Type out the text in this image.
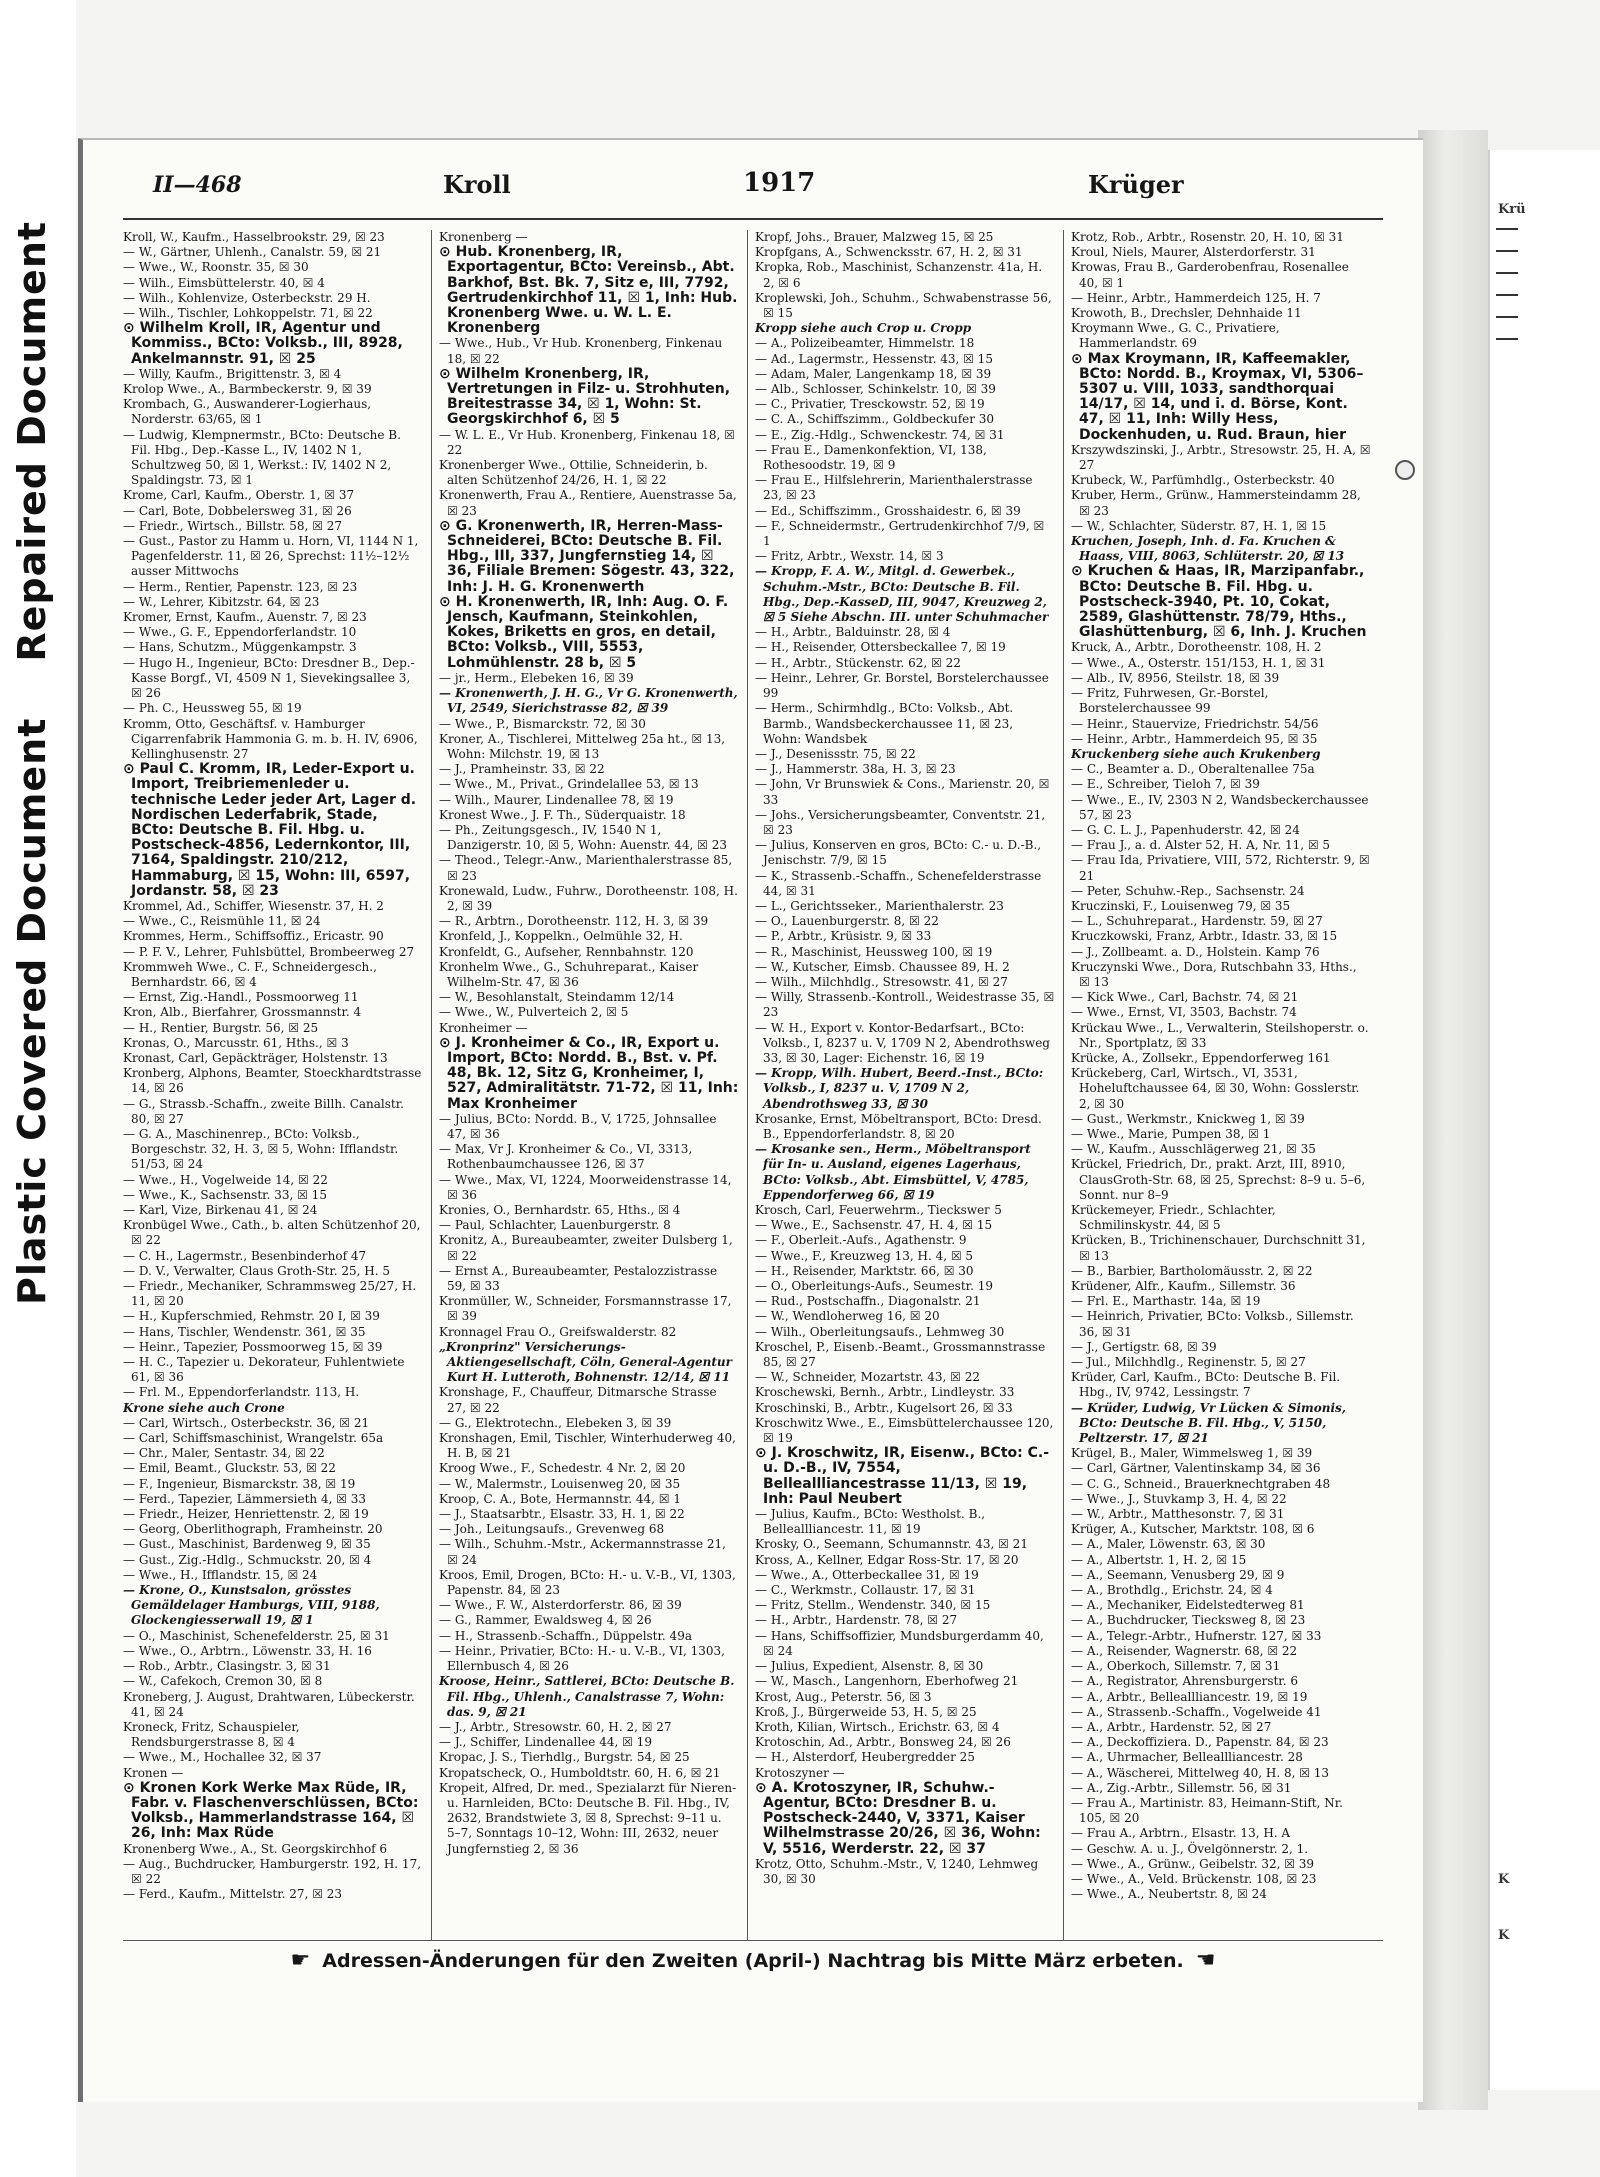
Plastic Covered DocumentRepaired Document
Krü
K
K
II—468	Kroll	1917	Krüger

Kroll, W., Kaufm., Hasselbrookstr. 29, ☒ 23

— W., Gärtner, Uhlenh., Canalstr. 59, ☒ 21

— Wwe., W., Roonstr. 35, ☒ 30

— Wilh., Eimsbüttelerstr. 40, ☒ 4

— Wilh., Kohlenvize, Osterbeckstr. 29 H.

— Wilh., Tischler, Lohkoppelstr. 71, ☒ 22

⊙ Wilhelm Kroll, IR, Agentur und Kommiss., BCto: Volksb., III, 8928, Ankelmannstr. 91, ☒ 25

— Willy, Kaufm., Brigittenstr. 3, ☒ 4

Krolop Wwe., A., Barmbeckerstr. 9, ☒ 39

Krombach, G., Auswanderer-Logierhaus, Norderstr. 63/65, ☒ 1

— Ludwig, Klempnermstr., BCto: Deutsche B. Fil. Hbg., Dep.-Kasse L., IV, 1402 N 1, Schultzweg 50, ☒ 1, Werkst.: IV, 1402 N 2, Spaldingstr. 73, ☒ 1

Krome, Carl, Kaufm., Oberstr. 1, ☒ 37

— Carl, Bote, Dobbelersweg 31, ☒ 26

— Friedr., Wirtsch., Billstr. 58, ☒ 27

— Gust., Pastor zu Hamm u. Horn, VI, 1144 N 1, Pagenfelderstr. 11, ☒ 26, Sprechst: 11½–12½ ausser Mittwochs

— Herm., Rentier, Papenstr. 123, ☒ 23

— W., Lehrer, Kibitzstr. 64, ☒ 23

Kromer, Ernst, Kaufm., Auenstr. 7, ☒ 23

— Wwe., G. F., Eppendorferlandstr. 10

— Hans, Schutzm., Müggenkampstr. 3

— Hugo H., Ingenieur, BCto: Dresdner B., Dep.-Kasse Borgf., VI, 4509 N 1, Sievekingsallee 3, ☒ 26

— Ph. C., Heussweg 55, ☒ 19

Kromm, Otto, Geschäftsf. v. Hamburger Cigarrenfabrik Hammonia G. m. b. H. IV, 6906, Kellinghusenstr. 27

⊙ Paul C. Kromm, IR, Leder-Export u. Import, Treibriemenleder u. technische Leder jeder Art, Lager d. Nordischen Lederfabrik, Stade, BCto: Deutsche B. Fil. Hbg. u. Postscheck-4856, Ledernkontor, III, 7164, Spaldingstr. 210/212, Hammaburg, ☒ 15, Wohn: III, 6597, Jordanstr. 58, ☒ 23

Krommel, Ad., Schiffer, Wiesenstr. 37, H. 2

— Wwe., C., Reismühle 11, ☒ 24

Krommes, Herm., Schiffsoffiz., Ericastr. 90

— P. F. V., Lehrer, Fuhlsbüttel, Brombeerweg 27

Krommweh Wwe., C. F., Schneidergesch., Bernhardstr. 66, ☒ 4

— Ernst, Zig.-Handl., Possmoorweg 11

Kron, Alb., Bierfahrer, Grossmannstr. 4

— H., Rentier, Burgstr. 56, ☒ 25

Kronas, O., Marcusstr. 61, Hths., ☒ 3

Kronast, Carl, Gepäckträger, Holstenstr. 13

Kronberg, Alphons, Beamter, Stoeckhardtstrasse 14, ☒ 26

— G., Strassb.-Schaffn., zweite Billh. Canalstr. 80, ☒ 27

— G. A., Maschinenrep., BCto: Volksb., Borgeschstr. 32, H. 3, ☒ 5, Wohn: Ifflandstr. 51/53, ☒ 24

— Wwe., H., Vogelweide 14, ☒ 22

— Wwe., K., Sachsenstr. 33, ☒ 15

— Karl, Vize, Birkenau 41, ☒ 24

Kronbügel Wwe., Cath., b. alten Schützenhof 20, ☒ 22

— C. H., Lagermstr., Besenbinderhof 47

— D. V., Verwalter, Claus Groth-Str. 25, H. 5

— Friedr., Mechaniker, Schrammsweg 25/27, H. 11, ☒ 20

— H., Kupferschmied, Rehmstr. 20 I, ☒ 39

— Hans, Tischler, Wendenstr. 361, ☒ 35

— Heinr., Tapezier, Possmoorweg 15, ☒ 39

— H. C., Tapezier u. Dekorateur, Fuhlentwiete 61, ☒ 36

— Frl. M., Eppendorferlandstr. 113, H.

Krone siehe auch Crone

— Carl, Wirtsch., Osterbeckstr. 36, ☒ 21

— Carl, Schiffsmaschinist, Wrangelstr. 65a

— Chr., Maler, Sentastr. 34, ☒ 22

— Emil, Beamt., Gluckstr. 53, ☒ 22

— F., Ingenieur, Bismarckstr. 38, ☒ 19

— Ferd., Tapezier, Lämmersieth 4, ☒ 33

— Friedr., Heizer, Henriettenstr. 2, ☒ 19

— Georg, Oberlithograph, Framheinstr. 20

— Gust., Maschinist, Bardenweg 9, ☒ 35

— Gust., Zig.-Hdlg., Schmuckstr. 20, ☒ 4

— Wwe., H., Ifflandstr. 15, ☒ 24

— Krone, O., Kunstsalon, grösstes Gemäldelager Hamburgs, VIII, 9188, Glockengiesserwall 19, ☒ 1

— O., Maschinist, Schenefelderstr. 25, ☒ 31

— Wwe., O., Arbtrn., Löwenstr. 33, H. 16

— Rob., Arbtr., Clasingstr. 3, ☒ 31

— W., Cafekoch, Cremon 30, ☒ 8

Kroneberg, J. August, Drahtwaren, Lübeckerstr. 41, ☒ 24

Kroneck, Fritz, Schauspieler, Rendsburgerstrasse 8, ☒ 4

— Wwe., M., Hochallee 32, ☒ 37

Kronen —

⊙ Kronen Kork Werke Max Rüde, IR, Fabr. v. Flaschenverschlüssen, BCto: Volksb., Hammerlandstrasse 164, ☒ 26, Inh: Max Rüde

Kronenberg Wwe., A., St. Georgskirchhof 6

— Aug., Buchdrucker, Hamburgerstr. 192, H. 17, ☒ 22

— Ferd., Kaufm., Mittelstr. 27, ☒ 23

Kronenberg —

⊙ Hub. Kronenberg, IR, Exportagentur, BCto: Vereinsb., Abt. Barkhof, Bst. Bk. 7, Sitz e, III, 7792, Gertrudenkirchhof 11, ☒ 1, Inh: Hub. Kronenberg Wwe. u. W. L. E. Kronenberg

— Wwe., Hub., Vr Hub. Kronenberg, Finkenau 18, ☒ 22

⊙ Wilhelm Kronenberg, IR, Vertretungen in Filz- u. Strohhuten, Breitestrasse 34, ☒ 1, Wohn: St. Georgskirchhof 6, ☒ 5

— W. L. E., Vr Hub. Kronenberg, Finkenau 18, ☒ 22

Kronenberger Wwe., Ottilie, Schneiderin, b. alten Schützenhof 24/26, H. 1, ☒ 22

Kronenwerth, Frau A., Rentiere, Auenstrasse 5a, ☒ 23

⊙ G. Kronenwerth, IR, Herren-Mass-Schneiderei, BCto: Deutsche B. Fil. Hbg., III, 337, Jungfernstieg 14, ☒ 36, Filiale Bremen: Sögestr. 43, 322, Inh: J. H. G. Kronenwerth

⊙ H. Kronenwerth, IR, Inh: Aug. O. F. Jensch, Kaufmann, Steinkohlen, Kokes, Briketts en gros, en detail, BCto: Volksb., VIII, 5553, Lohmühlenstr. 28 b, ☒ 5

— jr., Herm., Elebeken 16, ☒ 39

— Kronenwerth, J. H. G., Vr G. Kronenwerth, VI, 2549, Sierichstrasse 82, ☒ 39

— Wwe., P., Bismarckstr. 72, ☒ 30

Kroner, A., Tischlerei, Mittelweg 25a ht., ☒ 13, Wohn: Milchstr. 19, ☒ 13

— J., Pramheinstr. 33, ☒ 22

— Wwe., M., Privat., Grindelallee 53, ☒ 13

— Wilh., Maurer, Lindenallee 78, ☒ 19

Kronest Wwe., J. F. Th., Süderquaistr. 18

— Ph., Zeitungsgesch., IV, 1540 N 1, Danzigerstr. 10, ☒ 5, Wohn: Auenstr. 44, ☒ 23

— Theod., Telegr.-Anw., Marienthalerstrasse 85, ☒ 23

Kronewald, Ludw., Fuhrw., Dorotheenstr. 108, H. 2, ☒ 39

— R., Arbtrn., Dorotheenstr. 112, H. 3, ☒ 39

Kronfeld, J., Koppelkn., Oelmühle 32, H.

Kronfeldt, G., Aufseher, Rennbahnstr. 120

Kronhelm Wwe., G., Schuhreparat., Kaiser Wilhelm-Str. 47, ☒ 36

— W., Besohlanstalt, Steindamm 12/14

— Wwe., W., Pulverteich 2, ☒ 5

Kronheimer —

⊙ J. Kronheimer & Co., IR, Export u. Import, BCto: Nordd. B., Bst. v. Pf. 48, Bk. 12, Sitz G, Kronheimer, I, 527, Admiralitätstr. 71-72, ☒ 11, Inh: Max Kronheimer

— Julius, BCto: Nordd. B., V, 1725, Johnsallee 47, ☒ 36

— Max, Vr J. Kronheimer & Co., VI, 3313, Rothenbaumchaussee 126, ☒ 37

— Wwe., Max, VI, 1224, Moorweidenstrasse 14, ☒ 36

Kronies, O., Bernhardstr. 65, Hths., ☒ 4

— Paul, Schlachter, Lauenburgerstr. 8

Kronitz, A., Bureaubeamter, zweiter Dulsberg 1, ☒ 22

— Ernst A., Bureaubeamter, Pestalozzistrasse 59, ☒ 33

Kronmüller, W., Schneider, Forsmannstrasse 17, ☒ 39

Kronnagel Frau O., Greifswalderstr. 82

„Kronprinz" Versicherungs-Aktiengesellschaft, Cöln, General-Agentur Kurt H. Lutteroth, Bohnenstr. 12/14, ☒ 11

Kronshage, F., Chauffeur, Ditmarsche Strasse 27, ☒ 22

— G., Elektrotechn., Elebeken 3, ☒ 39

Kronshagen, Emil, Tischler, Winterhuderweg 40, H. B, ☒ 21

Kroog Wwe., F., Schedestr. 4 Nr. 2, ☒ 20

— W., Malermstr., Louisenweg 20, ☒ 35

Kroop, C. A., Bote, Hermannstr. 44, ☒ 1

— J., Staatsarbtr., Elsastr. 33, H. 1, ☒ 22

— Joh., Leitungsaufs., Grevenweg 68

— Wilh., Schuhm.-Mstr., Ackermannstrasse 21, ☒ 24

Kroos, Emil, Drogen, BCto: H.- u. V.-B., VI, 1303, Papenstr. 84, ☒ 23

— Wwe., F. W., Alsterdorferstr. 86, ☒ 39

— G., Rammer, Ewaldsweg 4, ☒ 26

— H., Strassenb.-Schaffn., Düppelstr. 49a

— Heinr., Privatier, BCto: H.- u. V.-B., VI, 1303, Ellernbusch 4, ☒ 26

Kroose, Heinr., Sattlerei, BCto: Deutsche B. Fil. Hbg., Uhlenh., Canalstrasse 7, Wohn: das. 9, ☒ 21

— J., Arbtr., Stresowstr. 60, H. 2, ☒ 27

— J., Schiffer, Lindenallee 44, ☒ 19

Kropac, J. S., Tierhdlg., Burgstr. 54, ☒ 25

Kropatscheck, O., Humboldtstr. 60, H. 6, ☒ 21

Kropeit, Alfred, Dr. med., Spezialarzt für Nieren- u. Harnleiden, BCto: Deutsche B. Fil. Hbg., IV, 2632, Brandstwiete 3, ☒ 8, Sprechst: 9–11 u. 5–7, Sonntags 10–12, Wohn: III, 2632, neuer Jungfernstieg 2, ☒ 36

Kropf, Johs., Brauer, Malzweg 15, ☒ 25

Kropfgans, A., Schwencksstr. 67, H. 2, ☒ 31

Kropka, Rob., Maschinist, Schanzenstr. 41a, H. 2, ☒ 6

Kroplewski, Joh., Schuhm., Schwabenstrasse 56, ☒ 15

Kropp siehe auch Crop u. Cropp

— A., Polizeibeamter, Himmelstr. 18

— Ad., Lagermstr., Hessenstr. 43, ☒ 15

— Adam, Maler, Langenkamp 18, ☒ 39

— Alb., Schlosser, Schinkelstr. 10, ☒ 39

— C., Privatier, Tresckowstr. 52, ☒ 19

— C. A., Schiffszimm., Goldbeckufer 30

— E., Zig.-Hdlg., Schwenckestr. 74, ☒ 31

— Frau E., Damenkonfektion, VI, 138, Rothesoodstr. 19, ☒ 9

— Frau E., Hilfslehrerin, Marienthalerstrasse 23, ☒ 23

— Ed., Schiffszimm., Grosshaidestr. 6, ☒ 39

— F., Schneidermstr., Gertrudenkirchhof 7/9, ☒ 1

— Fritz, Arbtr., Wexstr. 14, ☒ 3

— Kropp, F. A. W., Mitgl. d. Gewerbek., Schuhm.-Mstr., BCto: Deutsche B. Fil. Hbg., Dep.-KasseD, III, 9047, Kreuzweg 2, ☒ 5 Siehe Abschn. III. unter Schuhmacher

— H., Arbtr., Balduinstr. 28, ☒ 4

— H., Reisender, Ottersbeckallee 7, ☒ 19

— H., Arbtr., Stückenstr. 62, ☒ 22

— Heinr., Lehrer, Gr. Borstel, Borstelerchaussee 99

— Herm., Schirmhdlg., BCto: Volksb., Abt. Barmb., Wandsbeckerchaussee 11, ☒ 23, Wohn: Wandsbek

— J., Desenissstr. 75, ☒ 22

— J., Hammerstr. 38a, H. 3, ☒ 23

— John, Vr Brunswiek & Cons., Marienstr. 20, ☒ 33

— Johs., Versicherungsbeamter, Conventstr. 21, ☒ 23

— Julius, Konserven en gros, BCto: C.- u. D.-B., Jenischstr. 7/9, ☒ 15

— K., Strassenb.-Schaffn., Schenefelderstrasse 44, ☒ 31

— L., Gerichtsseker., Marienthalerstr. 23

— O., Lauenburgerstr. 8, ☒ 22

— P., Arbtr., Krüsistr. 9, ☒ 33

— R., Maschinist, Heussweg 100, ☒ 19

— W., Kutscher, Eimsb. Chaussee 89, H. 2

— Wilh., Milchhdlg., Stresowstr. 41, ☒ 27

— Willy, Strassenb.-Kontroll., Weidestrasse 35, ☒ 23

— W. H., Export v. Kontor-Bedarfsart., BCto: Volksb., I, 8237 u. V, 1709 N 2, Abendrothsweg 33, ☒ 30, Lager: Eichenstr. 16, ☒ 19

— Kropp, Wilh. Hubert, Beerd.-Inst., BCto: Volksb., I, 8237 u. V, 1709 N 2, Abendrothsweg 33, ☒ 30

Krosanke, Ernst, Möbeltransport, BCto: Dresd. B., Eppendorferlandstr. 8, ☒ 20

— Krosanke sen., Herm., Möbeltransport für In- u. Ausland, eigenes Lagerhaus, BCto: Volksb., Abt. Eimsbüttel, V, 4785, Eppendorferweg 66, ☒ 19

Krosch, Carl, Feuerwehrm., Tieckswег 5

— Wwe., E., Sachsenstr. 47, H. 4, ☒ 15

— F., Oberleit.-Aufs., Agathenstr. 9

— Wwe., F., Kreuzweg 13, H. 4, ☒ 5

— H., Reisender, Marktstr. 66, ☒ 30

— O., Oberleitungs-Aufs., Seumestr. 19

— Rud., Postschaffn., Diagonalstr. 21

— W., Wendloherweg 16, ☒ 20

— Wilh., Oberleitungsaufs., Lehmweg 30

Kroschel, P., Eisenb.-Beamt., Grossmannstrasse 85, ☒ 27

— W., Schneider, Mozartstr. 43, ☒ 22

Kroschewski, Bernh., Arbtr., Lindleystr. 33

Kroschinski, B., Arbtr., Kugelsort 26, ☒ 33

Kroschwitz Wwe., E., Eimsbüttelerchaussee 120, ☒ 19

⊙ J. Kroschwitz, IR, Eisenw., BCto: C.- u. D.-B., IV, 7554, Belleallliancestrasse 11/13, ☒ 19, Inh: Paul Neubert

— Julius, Kaufm., BCto: Westholst. B., Belleallliancestr. 11, ☒ 19

Krosky, O., Seemann, Schumannstr. 43, ☒ 21

Kross, A., Kellner, Edgar Ross-Str. 17, ☒ 20

— Wwe., A., Otterbeckallee 31, ☒ 19

— C., Werkmstr., Collaustr. 17, ☒ 31

— Fritz, Stellm., Wendenstr. 340, ☒ 15

— H., Arbtr., Hardenstr. 78, ☒ 27

— Hans, Schiffsoffizier, Mundsburgerdamm 40, ☒ 24

— Julius, Expedient, Alsenstr. 8, ☒ 30

— W., Masch., Langenhorn, Eberhofweg 21

Krost, Aug., Peterstr. 56, ☒ 3

Kroß, J., Bürgerweide 53, H. 5, ☒ 25

Kroth, Kilian, Wirtsch., Erichstr. 63, ☒ 4

Krotoschin, Ad., Arbtr., Bonsweg 24, ☒ 26

— H., Alsterdorf, Heubergredder 25

Krotoszyner —

⊙ A. Krotoszyner, IR, Schuhw.-Agentur, BCto: Dresdner B. u. Postscheck-2440, V, 3371, Kaiser Wilhelmstrasse 20/26, ☒ 36, Wohn: V, 5516, Werderstr. 22, ☒ 37

Krotz, Otto, Schuhm.-Mstr., V, 1240, Lehmweg 30, ☒ 30

Krotz, Rob., Arbtr., Rosenstr. 20, H. 10, ☒ 31

Kroul, Niels, Maurer, Alsterdorferstr. 31

Krowas, Frau B., Garderobenfrau, Rosenallee 40, ☒ 1

— Heinr., Arbtr., Hammerdeich 125, H. 7

Krowoth, B., Drechsler, Dehnhaide 11

Kroymann Wwe., G. C., Privatiere, Hammerlandstr. 69

⊙ Max Kroymann, IR, Kaffeemakler, BCto: Nordd. B., Kroymax, VI, 5306–5307 u. VIII, 1033, sandthorquai 14/17, ☒ 14, und i. d. Börse, Kont. 47, ☒ 11, Inh: Willy Hess, Dockenhuden, u. Rud. Braun, hier

Krszywdszinski, J., Arbtr., Stresowstr. 25, H. A, ☒ 27

Krubeck, W., Parfümhdlg., Osterbeckstr. 40

Kruber, Herm., Grünw., Hammersteindamm 28, ☒ 23

— W., Schlachter, Süderstr. 87, H. 1, ☒ 15

Kruchen, Joseph, Inh. d. Fa. Kruchen & Haass, VIII, 8063, Schlüterstr. 20, ☒ 13

⊙ Kruchen & Haas, IR, Marzipanfabr., BCto: Deutsche B. Fil. Hbg. u. Postscheck-3940, Pt. 10, Cokat, 2589, Glashüttenstr. 78/79, Hths., Glashüttenburg, ☒ 6, Inh. J. Kruchen

Kruck, A., Arbtr., Dorotheenstr. 108, H. 2

— Wwe., A., Osterstr. 151/153, H. 1, ☒ 31

— Alb., IV, 8956, Steilstr. 18, ☒ 39

— Fritz, Fuhrwesen, Gr.-Borstel, Borstelerchaussee 99

— Heinr., Stauervize, Friedrichstr. 54/56

— Heinr., Arbtr., Hammerdeich 95, ☒ 35

Kruckenberg siehe auch Krukenberg

— C., Beamter a. D., Oberaltenallee 75a

— E., Schreiber, Tieloh 7, ☒ 39

— Wwe., E., IV, 2303 N 2, Wandsbeckerchaussee 57, ☒ 23

— G. C. L. J., Papenhuderstr. 42, ☒ 24

— Frau J., a. d. Alster 52, H. A, Nr. 11, ☒ 5

— Frau Ida, Privatiere, VIII, 572, Richterstr. 9, ☒ 21

— Peter, Schuhw.-Rep., Sachsenstr. 24

Kruczinski, F., Louisenweg 79, ☒ 35

— L., Schuhreparat., Hardenstr. 59, ☒ 27

Kruczkowski, Franz, Arbtr., Idastr. 33, ☒ 15

— J., Zollbeamt. a. D., Holstein. Kamp 76

Kruczynski Wwe., Dora, Rutschbahn 33, Hths., ☒ 13

— Kick Wwe., Carl, Bachstr. 74, ☒ 21

— Wwe., Ernst, VI, 3503, Bachstr. 74

Krückau Wwe., L., Verwalterin, Steilshoperstr. o. Nr., Sportplatz, ☒ 33

Krücke, A., Zollsekr., Eppendorferweg 161

Krückeberg, Carl, Wirtsch., VI, 3531, Hoheluftchaussee 64, ☒ 30, Wohn: Gosslerstr. 2, ☒ 30

— Gust., Werkmstr., Knickweg 1, ☒ 39

— Wwe., Marie, Pumpen 38, ☒ 1

— W., Kaufm., Ausschlägerweg 21, ☒ 35

Krückel, Friedrich, Dr., prakt. Arzt, III, 8910, ClausGroth-Str. 68, ☒ 25, Sprechst: 8–9 u. 5–6, Sonnt. nur 8–9

Krückemeyer, Friedr., Schlachter, Schmilinskystr. 44, ☒ 5

Krücken, B., Trichinenschauer, Durchschnitt 31, ☒ 13

— B., Barbier, Bartholomäusstr. 2, ☒ 22

Krüdener, Alfr., Kaufm., Sillemstr. 36

— Frl. E., Marthastr. 14a, ☒ 19

— Heinrich, Privatier, BCto: Volksb., Sillemstr. 36, ☒ 31

— J., Gertigstr. 68, ☒ 39

— Jul., Milchhdlg., Reginenstr. 5, ☒ 27

Krüder, Carl, Kaufm., BCto: Deutsche B. Fil. Hbg., IV, 9742, Lessingstr. 7

— Krüder, Ludwig, Vr Lücken & Simonis, BCto: Deutsche B. Fil. Hbg., V, 5150, Peltzerstr. 17, ☒ 21

Krügel, B., Maler, Wimmelsweg 1, ☒ 39

— Carl, Gärtner, Valentinskamp 34, ☒ 36

— C. G., Schneid., Brauerknechtgraben 48

— Wwe., J., Stuvkamp 3, H. 4, ☒ 22

— W., Arbtr., Matthesonstr. 7, ☒ 31

Krüger, A., Kutscher, Marktstr. 108, ☒ 6

— A., Maler, Löwenstr. 63, ☒ 30

— A., Albertstr. 1, H. 2, ☒ 15

— A., Seemann, Venusberg 29, ☒ 9

— A., Brothdlg., Erichstr. 24, ☒ 4

— A., Mechaniker, Eidelstedterweg 81

— A., Buchdrucker, Tiecksweg 8, ☒ 23

— A., Telegr.-Arbtr., Hufnerstr. 127, ☒ 33

— A., Reisender, Wagnerstr. 68, ☒ 22

— A., Oberkoch, Sillemstr. 7, ☒ 31

— A., Registrator, Ahrensburgerstr. 6

— A., Arbtr., Belleallliancestr. 19, ☒ 19

— A., Strassenb.-Schaffn., Vogelweide 41

— A., Arbtr., Hardenstr. 52, ☒ 27

— A., Deckoffiziera. D., Papenstr. 84, ☒ 23

— A., Uhrmacher, Belleallliancestr. 28

— A., Wäscherei, Mittelweg 40, H. 8, ☒ 13

— A., Zig.-Arbtr., Sillemstr. 56, ☒ 31

— Frau A., Martinistr. 83, Heimann-Stift, Nr. 105, ☒ 20

— Frau A., Arbtrn., Elsastr. 13, H. A

— Geschw. A. u. J., Övelgönnerstr. 2, 1.

— Wwe., A., Grünw., Geibelstr. 32, ☒ 39

— Wwe., A., Veld. Brückenstr. 108, ☒ 23

— Wwe., A., Neubertstr. 8, ☒ 24

☛ Adressen-Änderungen für den Zweiten (April-) Nachtrag bis Mitte März erbeten. ☚
